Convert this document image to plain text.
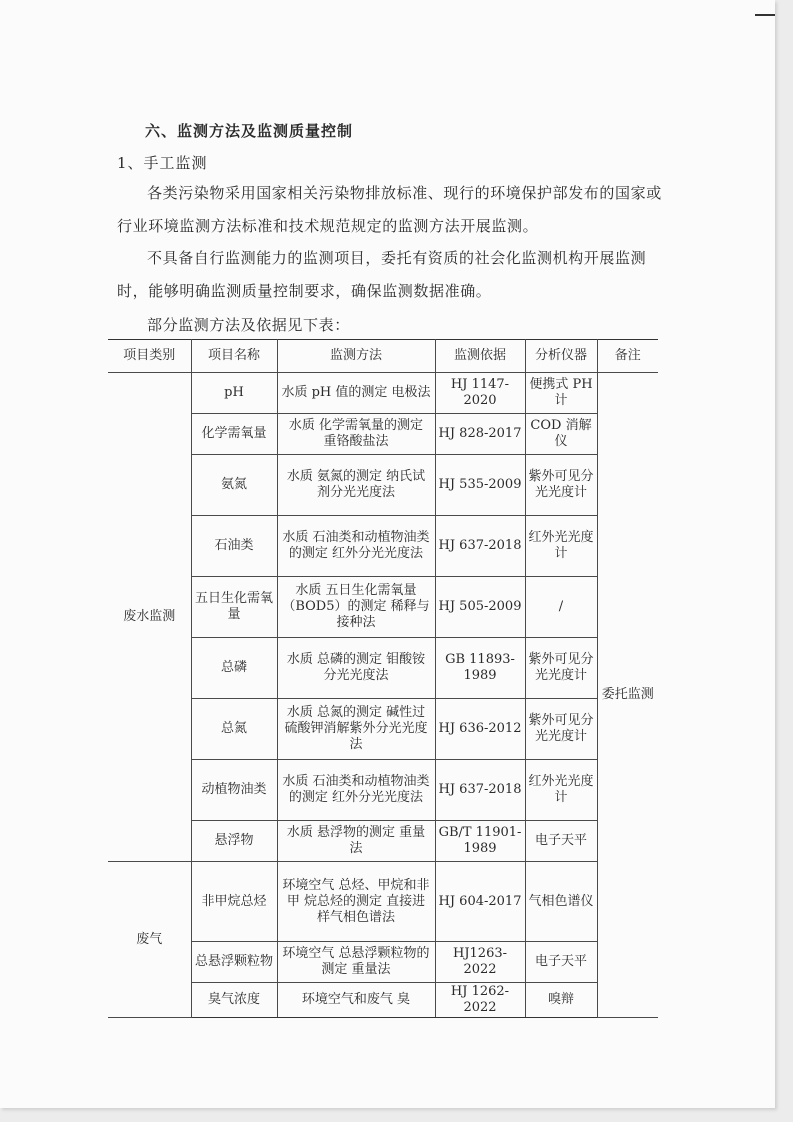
六、监测方法及监测质量控制
1、手工监测
各类污染物采用国家相关污染物排放标准、现行的环境保护部发布的国家或行业环境监测方法标准和技术规范规定的监测方法开展监测。
不具备自行监测能力的监测项目，委托有资质的社会化监测机构开展监测时，能够明确监测质量控制要求，确保监测数据准确。
部分监测方法及依据见下表：
项目类别	项目名称	监测方法	监测依据	分析仪器	备注
废水监测	pH	水质 pH 值的测定 电极法	HJ 1147-2020	便携式 PH 计	委托监测
	化学需氧量	水质 化学需氧量的测定 重铬酸盐法	HJ 828-2017	COD 消解仪	
	氨氮	水质 氨氮的测定 纳氏试剂分光光度法	HJ 535-2009	紫外可见分光光度计	
	石油类	水质 石油类和动植物油类的测定 红外分光光度法	HJ 637-2018	红外光光度计	
	五日生化需氧量	水质 五日生化需氧量（BOD5）的测定 稀释与接种法	HJ 505-2009	/	
	总磷	水质 总磷的测定 钼酸铵分光光度法	GB 11893-1989	紫外可见分光光度计	
	总氮	水质 总氮的测定 碱性过硫酸钾消解紫外分光光度法	HJ 636-2012	紫外可见分光光度计	
	动植物油类	水质 石油类和动植物油类的测定 红外分光光度法	HJ 637-2018	红外光光度计	
	悬浮物	水质 悬浮物的测定 重量法	GB/T 11901-1989	电子天平	
废气	非甲烷总烃	环境空气 总烃、甲烷和非甲 烷总烃的测定 直接进样气相色谱法	HJ 604-2017	气相色谱仪	
	总悬浮颗粒物	环境空气 总悬浮颗粒物的测定 重量法	HJ1263-2022	电子天平	
	臭气浓度	环境空气和废气 臭	HJ 1262-2022	嗅辩	
